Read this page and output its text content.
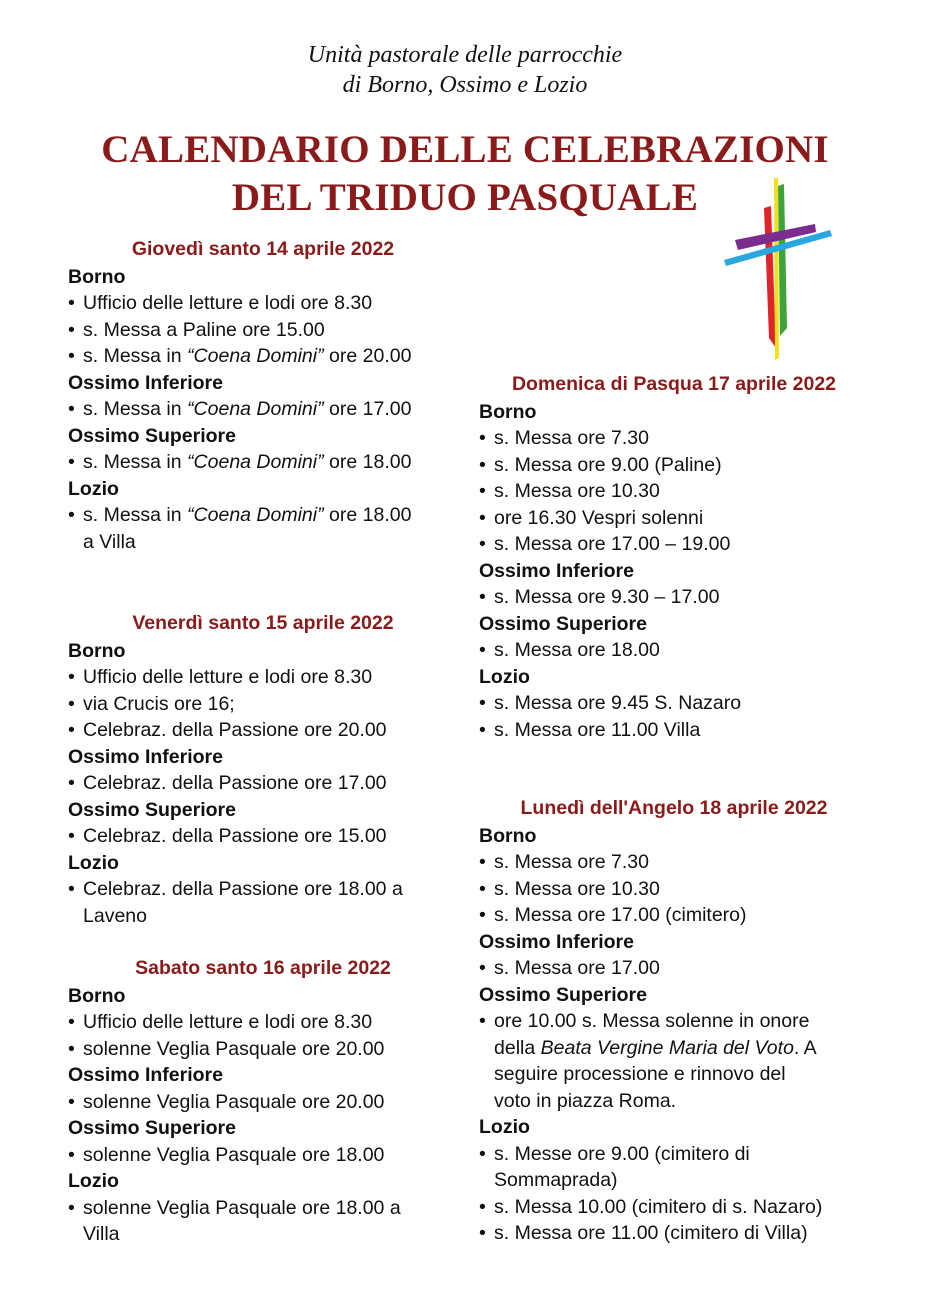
Unità pastorale delle parrocchie
di Borno, Ossimo e Lozio
CALENDARIO DELLE CELEBRAZIONI
DEL TRIDUO PASQUALE
Giovedì santo 14 aprile 2022
Borno
• Ufficio delle letture e lodi ore 8.30
• s. Messa a Paline ore 15.00
• s. Messa in “Coena Domini” ore 20.00
Ossimo Inferiore
• s. Messa in “Coena Domini” ore 17.00
Ossimo Superiore
• s. Messa in “Coena Domini” ore 18.00
Lozio
• s. Messa in “Coena Domini” ore 18.00
a Villa
Venerdì santo 15 aprile 2022
Borno
• Ufficio delle letture e lodi ore 8.30
• via Crucis ore 16;
• Celebraz. della Passione ore 20.00
Ossimo Inferiore
• Celebraz. della Passione ore 17.00
Ossimo Superiore
• Celebraz. della Passione ore 15.00
Lozio
• Celebraz. della Passione ore 18.00 a
Laveno
Sabato santo 16 aprile 2022
Borno
• Ufficio delle letture e lodi ore 8.30
• solenne Veglia Pasquale ore 20.00
Ossimo Inferiore
• solenne Veglia Pasquale ore 20.00
Ossimo Superiore
• solenne Veglia Pasquale ore 18.00
Lozio
• solenne Veglia Pasquale ore 18.00 a
Villa
Domenica di Pasqua 17 aprile 2022
Borno
• s. Messa ore 7.30
• s. Messa ore 9.00 (Paline)
• s. Messa ore 10.30
• ore 16.30 Vespri solenni
• s. Messa ore 17.00 – 19.00
Ossimo Inferiore
• s. Messa ore 9.30 – 17.00
Ossimo Superiore
• s. Messa ore 18.00
Lozio
• s. Messa ore 9.45 S. Nazaro
• s. Messa ore 11.00 Villa
Lunedì dell'Angelo 18 aprile 2022
Borno
• s. Messa ore 7.30
• s. Messa ore 10.30
• s. Messa ore 17.00 (cimitero)
Ossimo Inferiore
• s. Messa ore 17.00
Ossimo Superiore
• ore 10.00 s. Messa solenne in onore
della Beata Vergine Maria del Voto. A
seguire processione e rinnovo del
voto in piazza Roma.
Lozio
• s. Messe ore 9.00 (cimitero di
Sommaprada)
• s. Messa 10.00 (cimitero di s. Nazaro)
• s. Messa ore 11.00 (cimitero di Villa)
